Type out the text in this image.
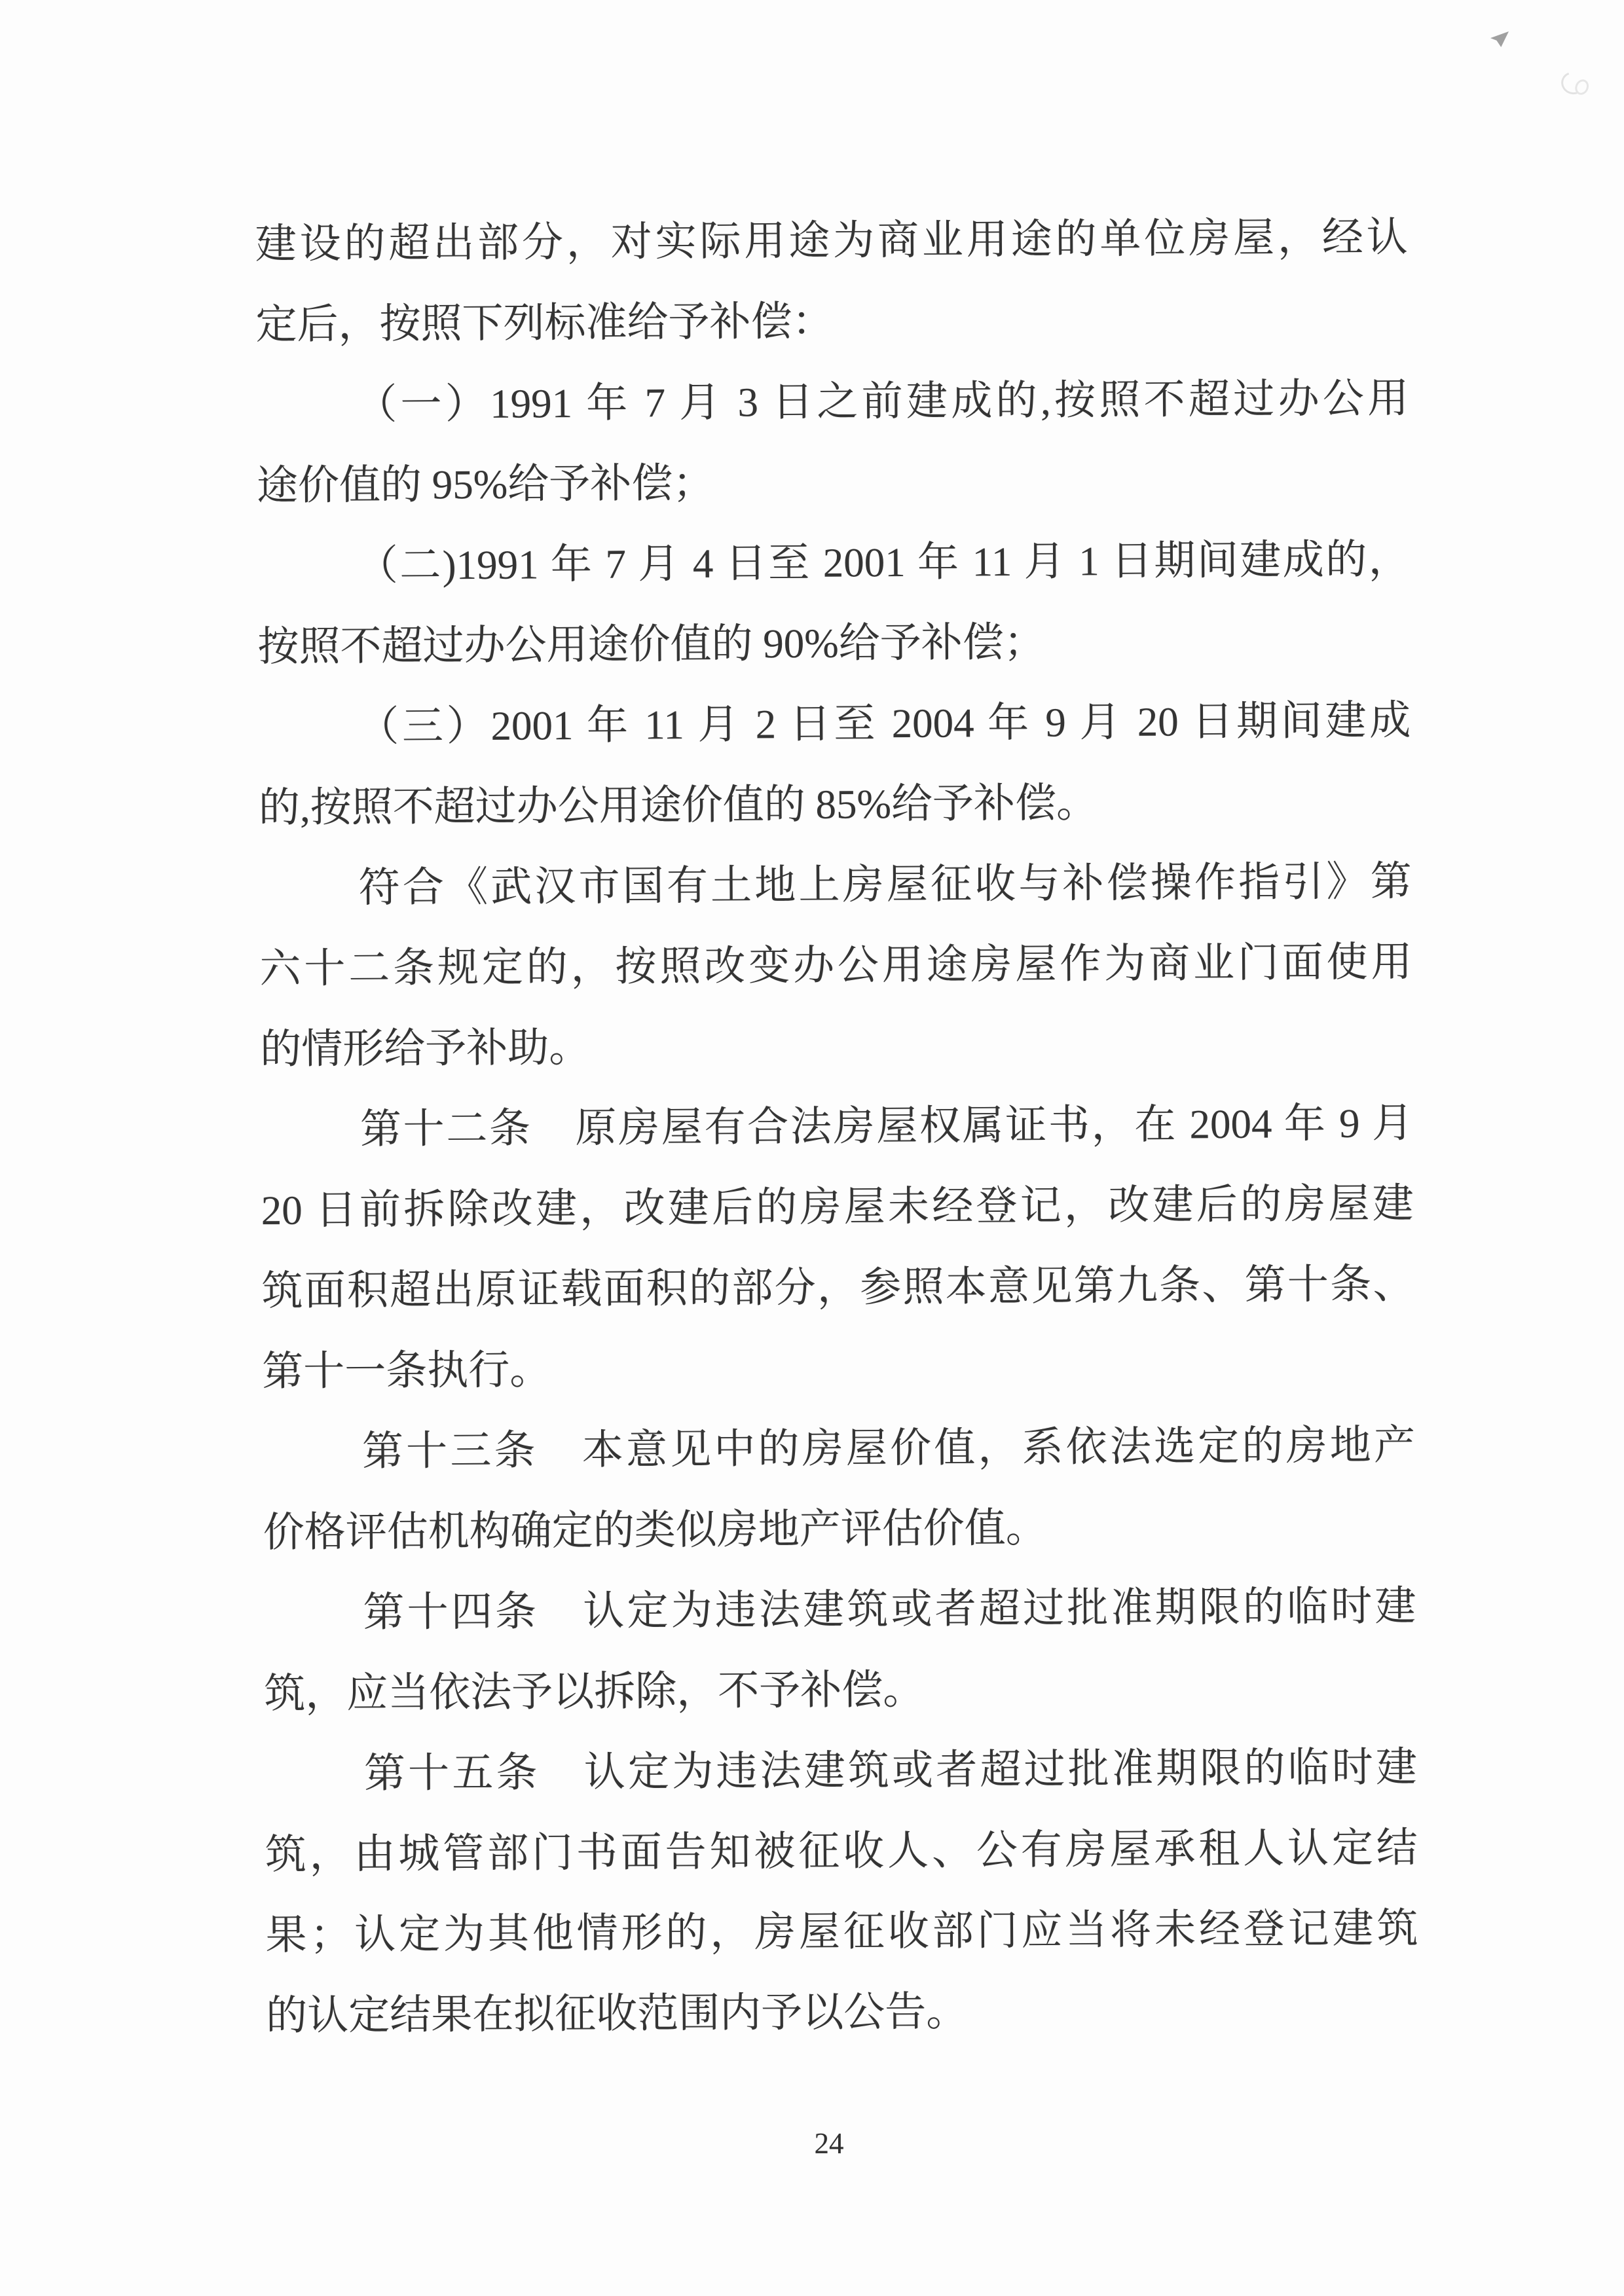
建设的超出部分，对实际用途为商业用途的单位房屋，经认
定后，按照下列标准给予补偿：
（一）1991 年 7 月 3 日之前建成的,按照不超过办公用
途价值的 95%给予补偿；
（二)1991 年 7 月 4 日至 2001 年 11 月 1 日期间建成的，
按照不超过办公用途价值的 90%给予补偿；
（三）2001 年 11 月 2 日至 2004 年 9 月 20 日期间建成
的,按照不超过办公用途价值的 85%给予补偿。
符合《武汉市国有土地上房屋征收与补偿操作指引》第
六十二条规定的，按照改变办公用途房屋作为商业门面使用
的情形给予补助。
第十二条　原房屋有合法房屋权属证书，在 2004 年 9 月
20 日前拆除改建，改建后的房屋未经登记，改建后的房屋建
筑面积超出原证载面积的部分，参照本意见第九条、第十条、
第十一条执行。
第十三条　本意见中的房屋价值，系依法选定的房地产
价格评估机构确定的类似房地产评估价值。
第十四条　认定为违法建筑或者超过批准期限的临时建
筑，应当依法予以拆除，不予补偿。
第十五条　认定为违法建筑或者超过批准期限的临时建
筑，由城管部门书面告知被征收人、公有房屋承租人认定结
果；认定为其他情形的，房屋征收部门应当将未经登记建筑
的认定结果在拟征收范围内予以公告。
24
